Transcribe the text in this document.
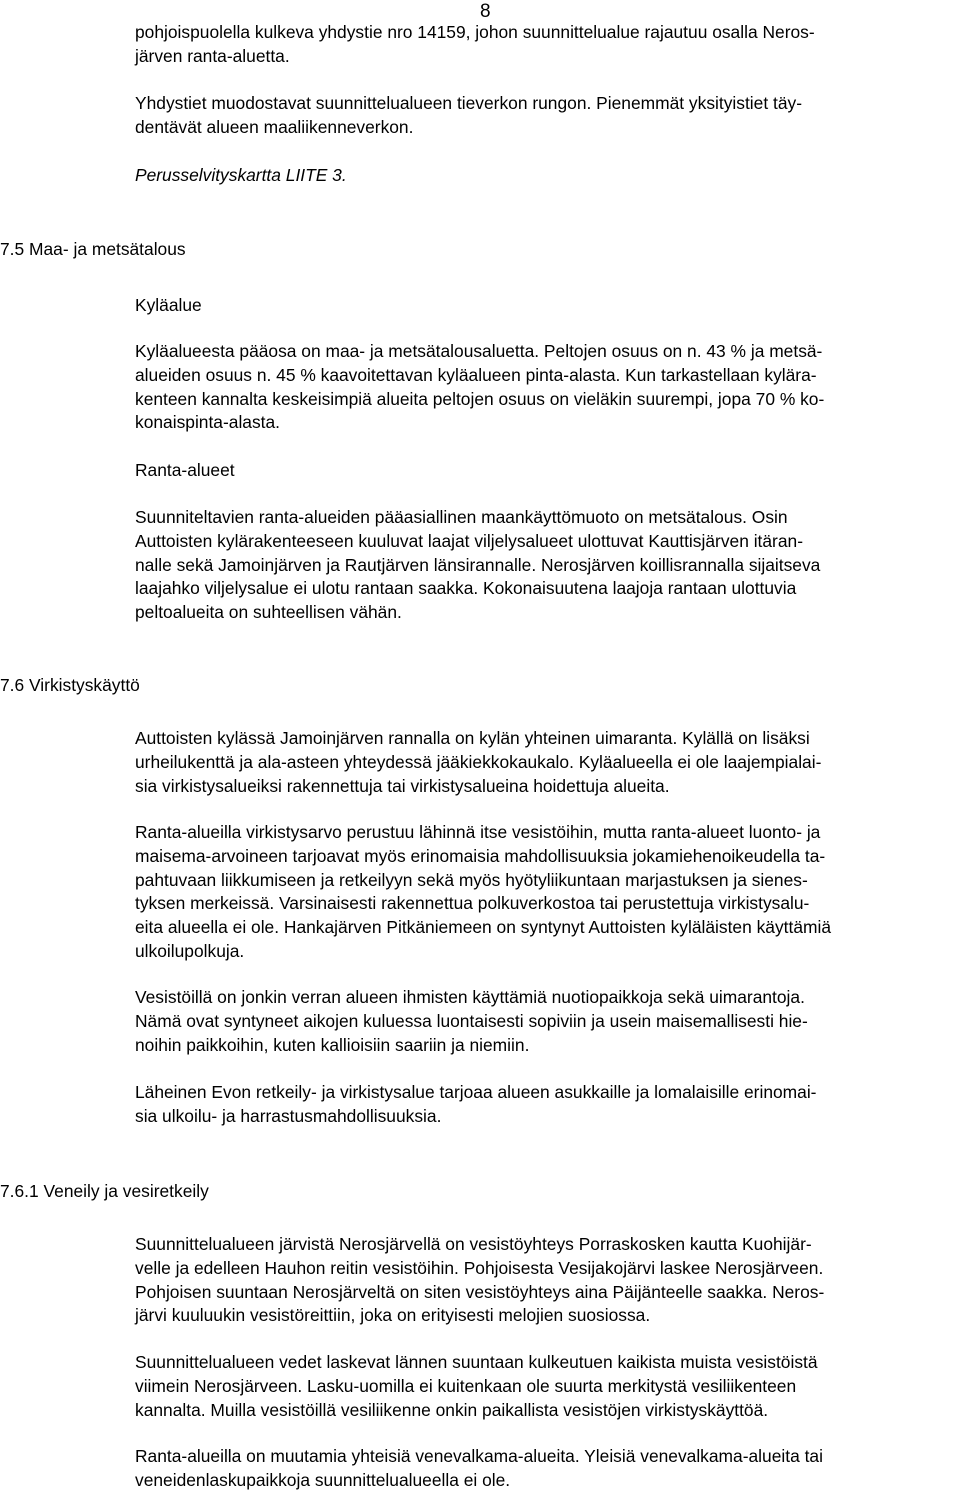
8

pohjoispuolella kulkeva yhdystie nro 14159, johon suunnittelualue rajautuu osalla Neros-
järven ranta-aluetta.

Yhdystiet muodostavat suunnittelualueen tieverkon rungon. Pienemmät yksityistiet täy-
dentävät alueen maaliikenneverkon.

Perusselvityskartta LIITE 3.
7.5 Maa- ja metsätalous
Kyläalue

Kyläalueesta pääosa on maa- ja metsätalousaluetta. Peltojen osuus on n. 43 % ja metsä-
alueiden osuus n. 45 % kaavoitettavan kyläalueen pinta-alasta. Kun tarkastellaan kylära-
kenteen kannalta keskeisimpiä alueita peltojen osuus on vieläkin suurempi, jopa 70 % ko-
konaispinta-alasta.

Ranta-alueet

Suunniteltavien ranta-alueiden pääasiallinen maankäyttömuoto on metsätalous. Osin
Auttoisten kylärakenteeseen kuuluvat laajat viljelysalueet ulottuvat Kauttisjärven itäran-
nalle sekä Jamoinjärven ja Rautjärven länsirannalle. Nerosjärven koillisrannalla sijaitseva
laajahko viljelysalue ei ulotu rantaan saakka. Kokonaisuutena laajoja rantaan ulottuvia
peltoalueita on suhteellisen vähän.

7.6 Virkistyskäyttö

Auttoisten kylässä Jamoinjärven rannalla on kylän yhteinen uimaranta. Kylällä on lisäksi
urheilukenttä ja ala-asteen yhteydessä jääkiekkokaukalo. Kyläalueella ei ole laajempialai-
sia virkistysalueiksi rakennettuja tai virkistysalueina hoidettuja alueita.

Ranta-alueilla virkistysarvo perustuu lähinnä itse vesistöihin, mutta ranta-alueet luonto- ja
maisema-arvoineen tarjoavat myös erinomaisia mahdollisuuksia jokamiehenoikeudella ta-
pahtuvaan liikkumiseen ja retkeilyyn sekä myös hyötyliikuntaan marjastuksen ja sienes-
tyksen merkeissä. Varsinaisesti rakennettua polkuverkostoa tai perustettuja virkistysalu-
eita alueella ei ole. Hankajärven Pitkäniemeen on syntynyt Auttoisten kyläläisten käyttämiä
ulkoilupolkuja.

Vesistöillä on jonkin verran alueen ihmisten käyttämiä nuotiopaikkoja sekä uimarantoja.
Nämä ovat syntyneet aikojen kuluessa luontaisesti sopiviin ja usein maisemallisesti hie-
noihin paikkoihin, kuten kallioisiin saariin ja niemiin.

Läheinen Evon retkeily- ja virkistysalue tarjoaa alueen asukkaille ja lomalaisille erinomai-
sia ulkoilu- ja harrastusmahdollisuuksia.

7.6.1 Veneily ja vesiretkeily

Suunnittelualueen järvistä Nerosjärvellä on vesistöyhteys Porraskosken kautta Kuohijär-
velle ja edelleen Hauhon reitin vesistöihin. Pohjoisesta Vesijakojärvi laskee Nerosjärveen.
Pohjoisen suuntaan Nerosjärveltä on siten vesistöyhteys aina Päijänteelle saakka. Neros-
järvi kuuluukin vesistöreittiin, joka on erityisesti melojien suosiossa.

Suunnittelualueen vedet laskevat lännen suuntaan kulkeutuen kaikista muista vesistöistä
viimein Nerosjärveen. Lasku-uomilla ei kuitenkaan ole suurta merkitystä vesiliikenteen
kannalta. Muilla vesistöillä vesiliikenne onkin paikallista vesistöjen virkistyskäyttöä.

Ranta-alueilla on muutamia yhteisiä venevalkama-alueita. Yleisiä venevalkama-alueita tai
veneidenlaskupaikkoja suunnittelualueella ei ole.
